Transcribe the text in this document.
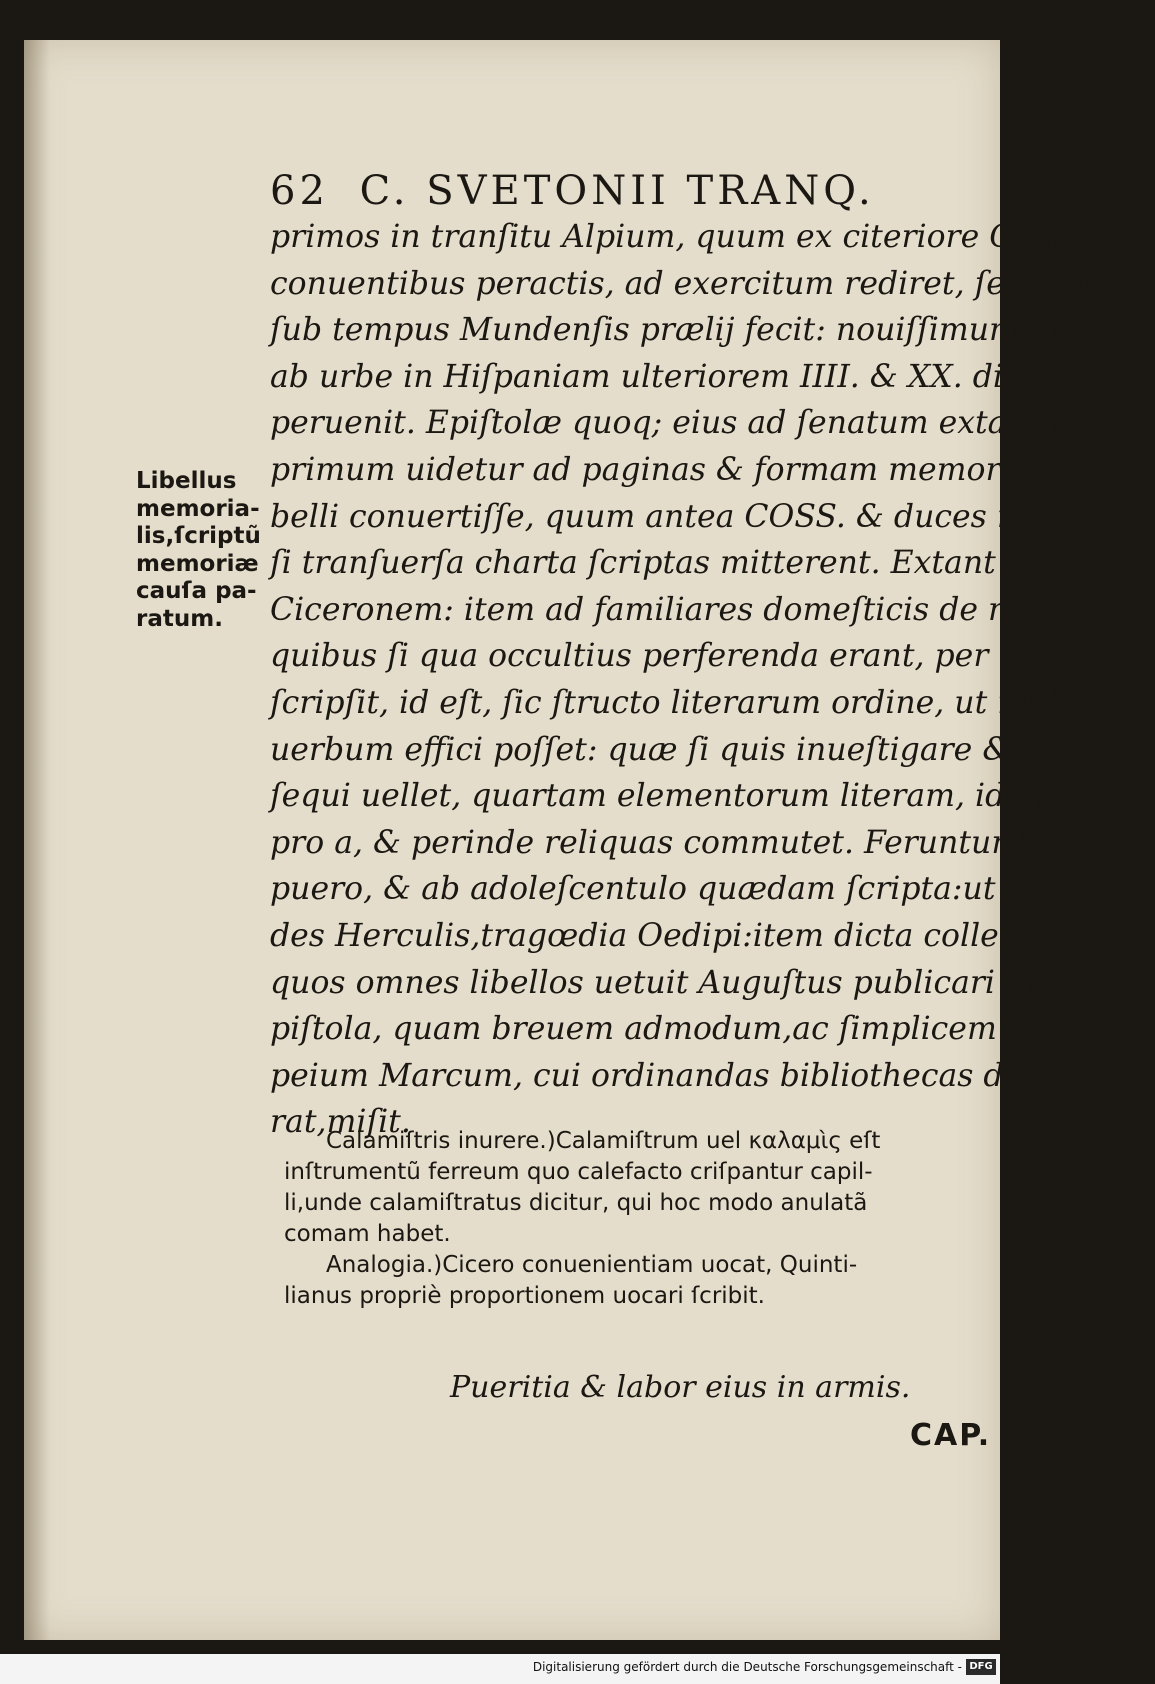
62 C. SVETONII TRANQ.
Libellus
memoria-
lis,ſcriptũ
memoriæ
cauſa pa-
ratum.

primos in tranſitu Alpium, quum ex citeriore Gallia
conuentibus peractis, ad exercitum rediret, ſequentes
ſub tempus Mundenſis prælij fecit: nouiſſimum dum
ab urbe in Hiſpaniam ulteriorem IIII. & XX. die
peruenit. Epiſtolæ quoq; eius ad ſenatum extant,quas
primum uidetur ad paginas & formam memorialis li=
belli conuertiſſe, quum antea COSS. & duces non ni=
ſi tranſuerſa charta ſcriptas mitterent. Extant & ad
Ciceronem: item ad familiares domeſticis de rebus, in
quibus ſi qua occultius perferenda erant, per notas
ſcripſit, id eſt, ſic ſtructo literarum ordine, ut nullum
uerbum effici poſſet: quæ ſi quis inueſtigare & per=
ſequi uellet, quartam elementorum literam, id eſt, d,
pro a, & perinde reliquas commutet. Feruntur & à
puero, & ab adoleſcentulo quædam ſcripta:ut lau=
des Herculis,tragœdia Oedipi:item dicta collectanea:
quos omnes libellos uetuit Auguſtus publicari in e=
piſtola, quam breuem admodum,ac ſimplicem ad Pom=
peium Marcum, cui ordinandas bibliothecas delegaue=
rat,miſit.

Calamiſtris inurere.)Calamiſtrum uel καλαμὶς eſt
inſtrumentũ ferreum quo calefacto criſpantur capil-
li,unde calamiſtratus dicitur, qui hoc modo anulatã
comam habet.
Analogia.)Cicero conuenientiam uocat, Quinti-
lianus propriè proportionem uocari ſcribit.
Pueritia & labor eius in armis.
CAP.
Digitalisierung gefördert durch die Deutsche Forschungsgemeinschaft - DFG
